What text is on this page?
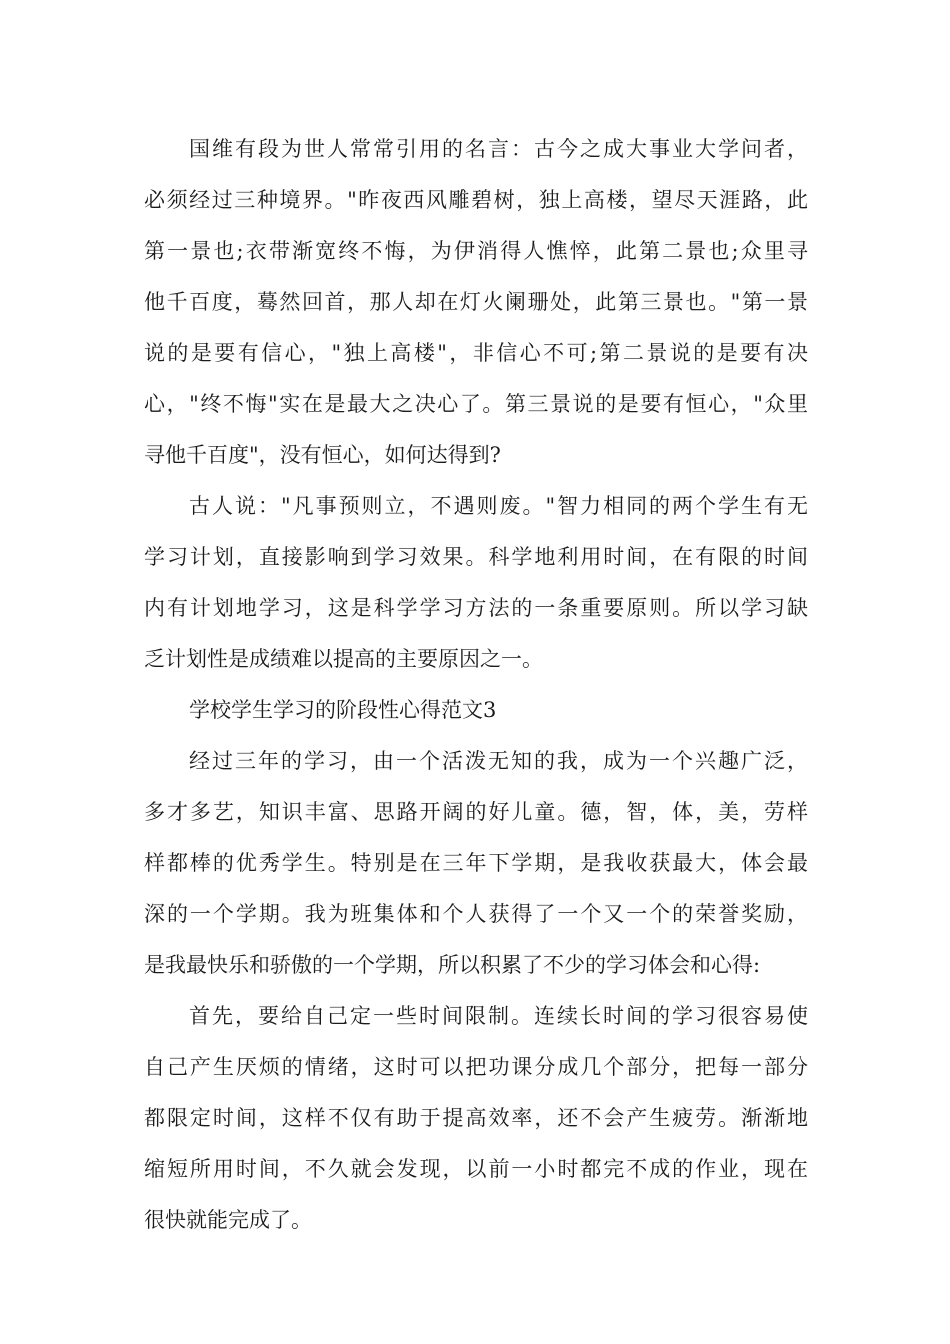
国维有段为世人常常引用的名言：古今之成大事业大学问者，
必须经过三种境界。"昨夜西风雕碧树，独上高楼，望尽天涯路，此
第一景也;衣带渐宽终不悔，为伊消得人憔悴，此第二景也;众里寻
他千百度，蓦然回首，那人却在灯火阑珊处，此第三景也。"第一景
说的是要有信心，"独上高楼"，非信心不可;第二景说的是要有决
心，"终不悔"实在是最大之决心了。第三景说的是要有恒心，"众里
寻他千百度"，没有恒心，如何达得到?
古人说："凡事预则立，不遇则废。"智力相同的两个学生有无
学习计划，直接影响到学习效果。科学地利用时间，在有限的时间
内有计划地学习，这是科学学习方法的一条重要原则。所以学习缺
乏计划性是成绩难以提高的主要原因之一。
学校学生学习的阶段性心得范文3
经过三年的学习，由一个活泼无知的我，成为一个兴趣广泛，
多才多艺，知识丰富、思路开阔的好儿童。德，智，体，美，劳样
样都棒的优秀学生。特别是在三年下学期，是我收获最大，体会最
深的一个学期。我为班集体和个人获得了一个又一个的荣誉奖励，
是我最快乐和骄傲的一个学期，所以积累了不少的学习体会和心得:
首先，要给自己定一些时间限制。连续长时间的学习很容易使
自己产生厌烦的情绪，这时可以把功课分成几个部分，把每一部分
都限定时间，这样不仅有助于提高效率，还不会产生疲劳。渐渐地
缩短所用时间，不久就会发现，以前一小时都完不成的作业，现在
很快就能完成了。
